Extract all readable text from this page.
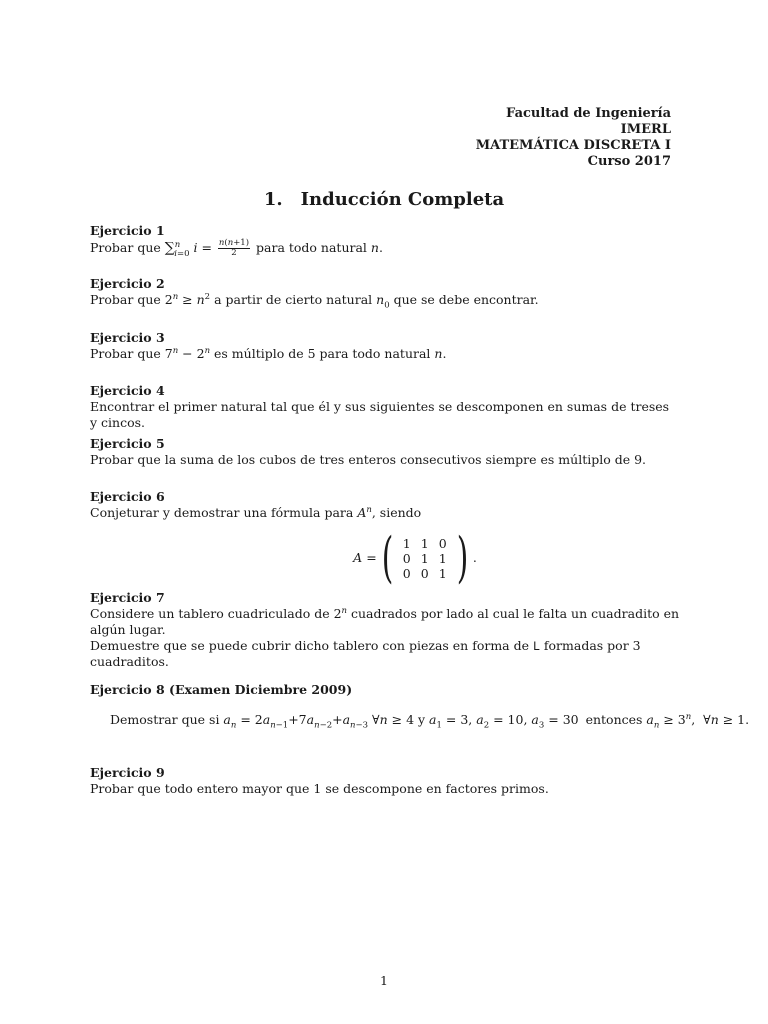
Facultad de Ingeniería
IMERL
MATEMÁTICA DISCRETA I
Curso 2017
1. Inducción Completa
Ejercicio 1
Probar que ∑$^n_{i=0}$ $i = \frac{n(n+1)}{2}$ para todo natural n.
Ejercicio 2
Probar que $2^n \ge n^2$ a partir de cierto natural $n_0$ que se debe encontrar.
Ejercicio 3
Probar que $7^n - 2^n$ es múltiplo de 5 para todo natural n.
Ejercicio 4
Encontrar el primer natural tal que él y sus siguientes se descomponen en sumas de treses y cincos.
Ejercicio 5
Probar que la suma de los cubos de tres enteros consecutivos siempre es múltiplo de 9.
Ejercicio 6
Conjeturar y demostrar una fórmula para $A^n$, siendo
A = ( 1 1 0
0 1 1
0 0 1 ) .
Ejercicio 7
Considere un tablero cuadriculado de 2$^n$ cuadrados por lado al cual le falta un cuadradito en algún lugar.
Demuestre que se puede cubrir dicho tablero con piezas en forma de L formadas por 3 cuadraditos.
Ejercicio 8 (Examen Diciembre 2009)
Demostrar que si $a_n = 2a_{n-1}+7a_{n-2}+a_{n-3}$ ∀n ≥ 4 y $a_1 = 3$, $a_2 = 10$, $a_3 = 30$ entonces $a_n \ge 3^n$,  ∀n ≥ 1.
Ejercicio 9
Probar que todo entero mayor que 1 se descompone en factores primos.
1
